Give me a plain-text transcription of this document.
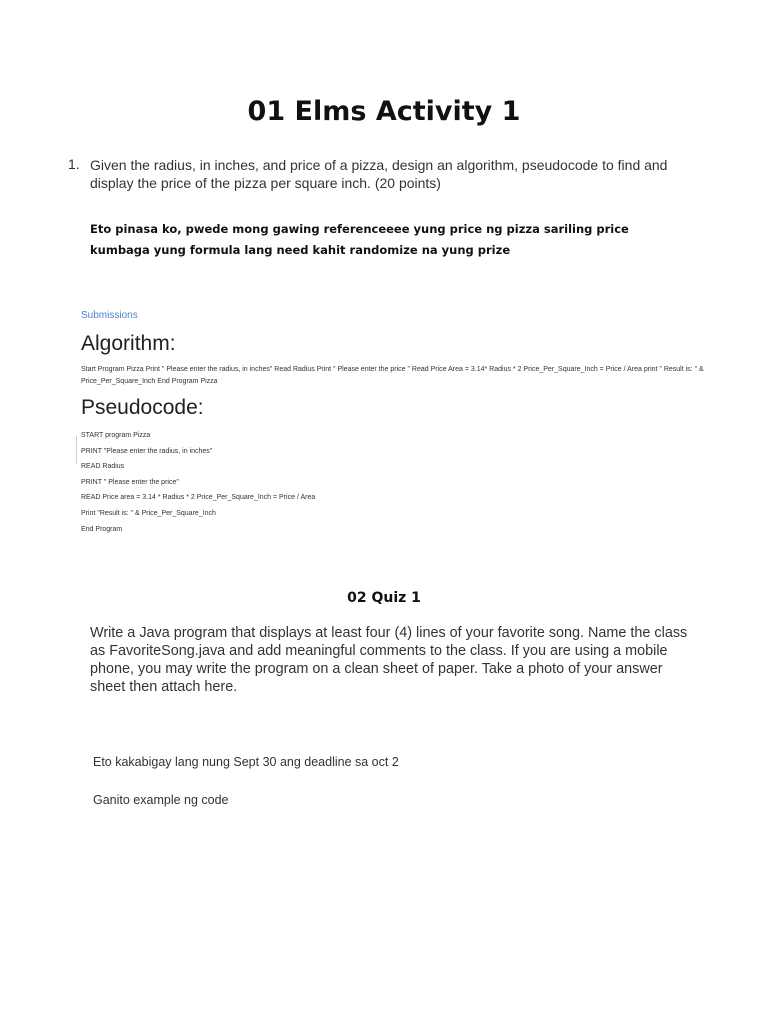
01 Elms Activity 1
1. Given the radius, in inches, and price of a pizza, design an algorithm, pseudocode to find and display the price of the pizza per square inch. (20 points)
Eto pinasa ko, pwede mong gawing referenceeee yung price ng pizza sariling price kumbaga yung formula lang need kahit randomize na yung prize
Submissions
Algorithm:
Start Program Pizza Print " Please enter the radius, in inches" Read Radius Print " Please enter the price " Read Price Area = 3.14* Radius * 2 Price_Per_Square_Inch = Price / Area print " Result is: " & Price_Per_Square_Inch End Program Pizza
Pseudocode:
START program Pizza
PRINT "Please enter the radius, in inches"
READ Radius
PRINT " Please enter the price"
READ Price area = 3.14 * Radius * 2 Price_Per_Square_Inch = Price / Area
Print "Result is: " & Price_Per_Square_Inch
End Program
02 Quiz 1
Write a Java program that displays at least four (4) lines of your favorite song. Name the class as FavoriteSong.java and add meaningful comments to the class. If you are using a mobile phone, you may write the program on a clean sheet of paper. Take a photo of your answer sheet then attach here.
Eto kakabigay lang nung Sept 30 ang deadline sa oct 2
Ganito example ng code
